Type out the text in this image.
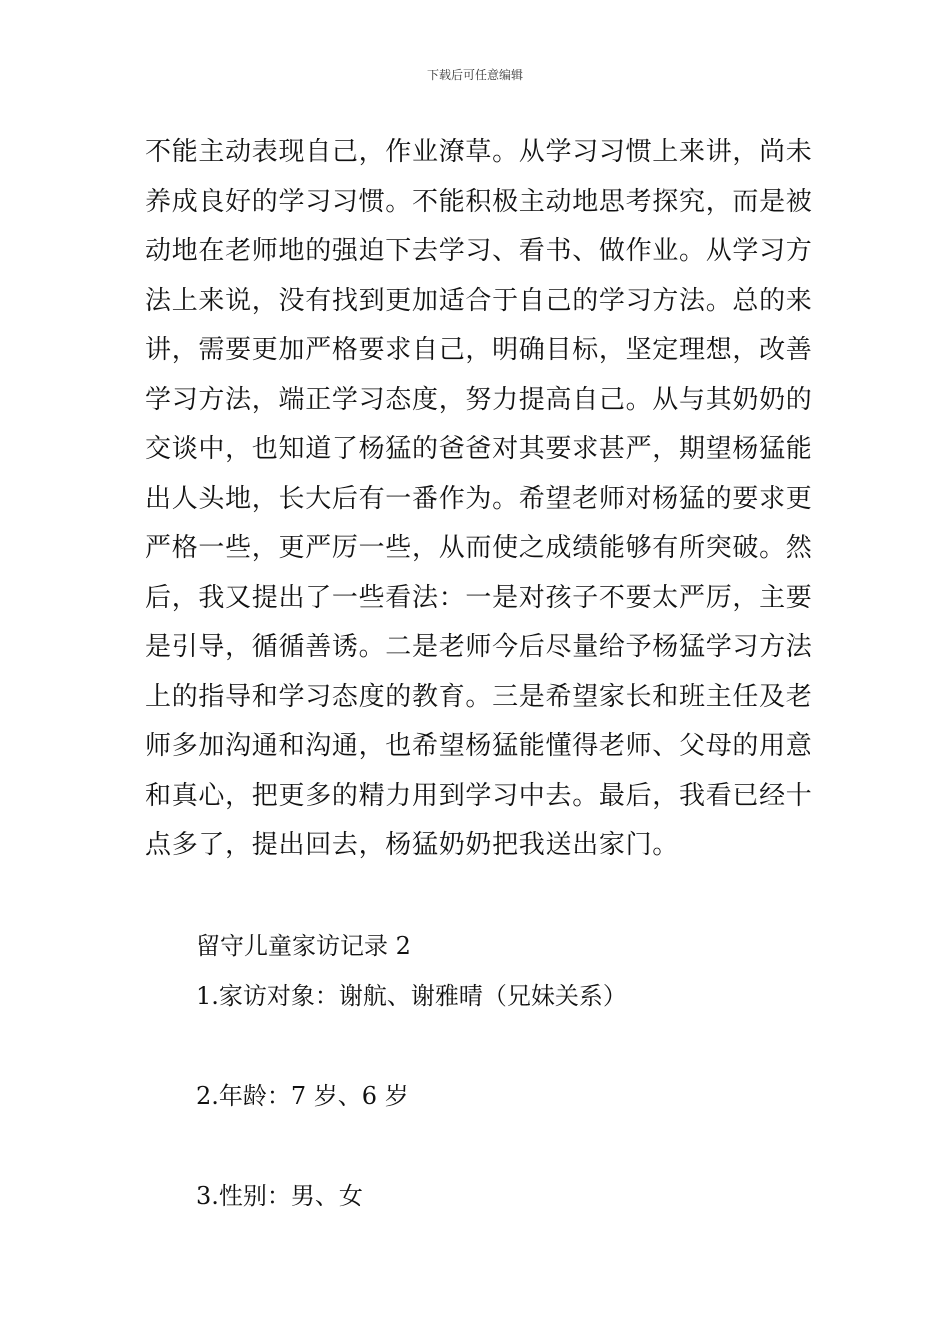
下载后可任意编辑
不能主动表现自己，作业潦草。从学习习惯上来讲，尚未
养成良好的学习习惯。不能积极主动地思考探究，而是被
动地在老师地的强迫下去学习、看书、做作业。从学习方
法上来说，没有找到更加适合于自己的学习方法。总的来
讲，需要更加严格要求自己，明确目标，坚定理想，改善
学习方法，端正学习态度，努力提高自己。从与其奶奶的
交谈中，也知道了杨猛的爸爸对其要求甚严，期望杨猛能
出人头地，长大后有一番作为。希望老师对杨猛的要求更
严格一些，更严厉一些，从而使之成绩能够有所突破。然
后，我又提出了一些看法：一是对孩子不要太严厉，主要
是引导，循循善诱。二是老师今后尽量给予杨猛学习方法
上的指导和学习态度的教育。三是希望家长和班主任及老
师多加沟通和沟通，也希望杨猛能懂得老师、父母的用意
和真心，把更多的精力用到学习中去。最后，我看已经十
点多了，提出回去，杨猛奶奶把我送出家门。
留守儿童家访记录 2
1.家访对象：谢航、谢雅晴（兄妹关系）
2.年龄：7 岁、6 岁
3.性别：男、女
